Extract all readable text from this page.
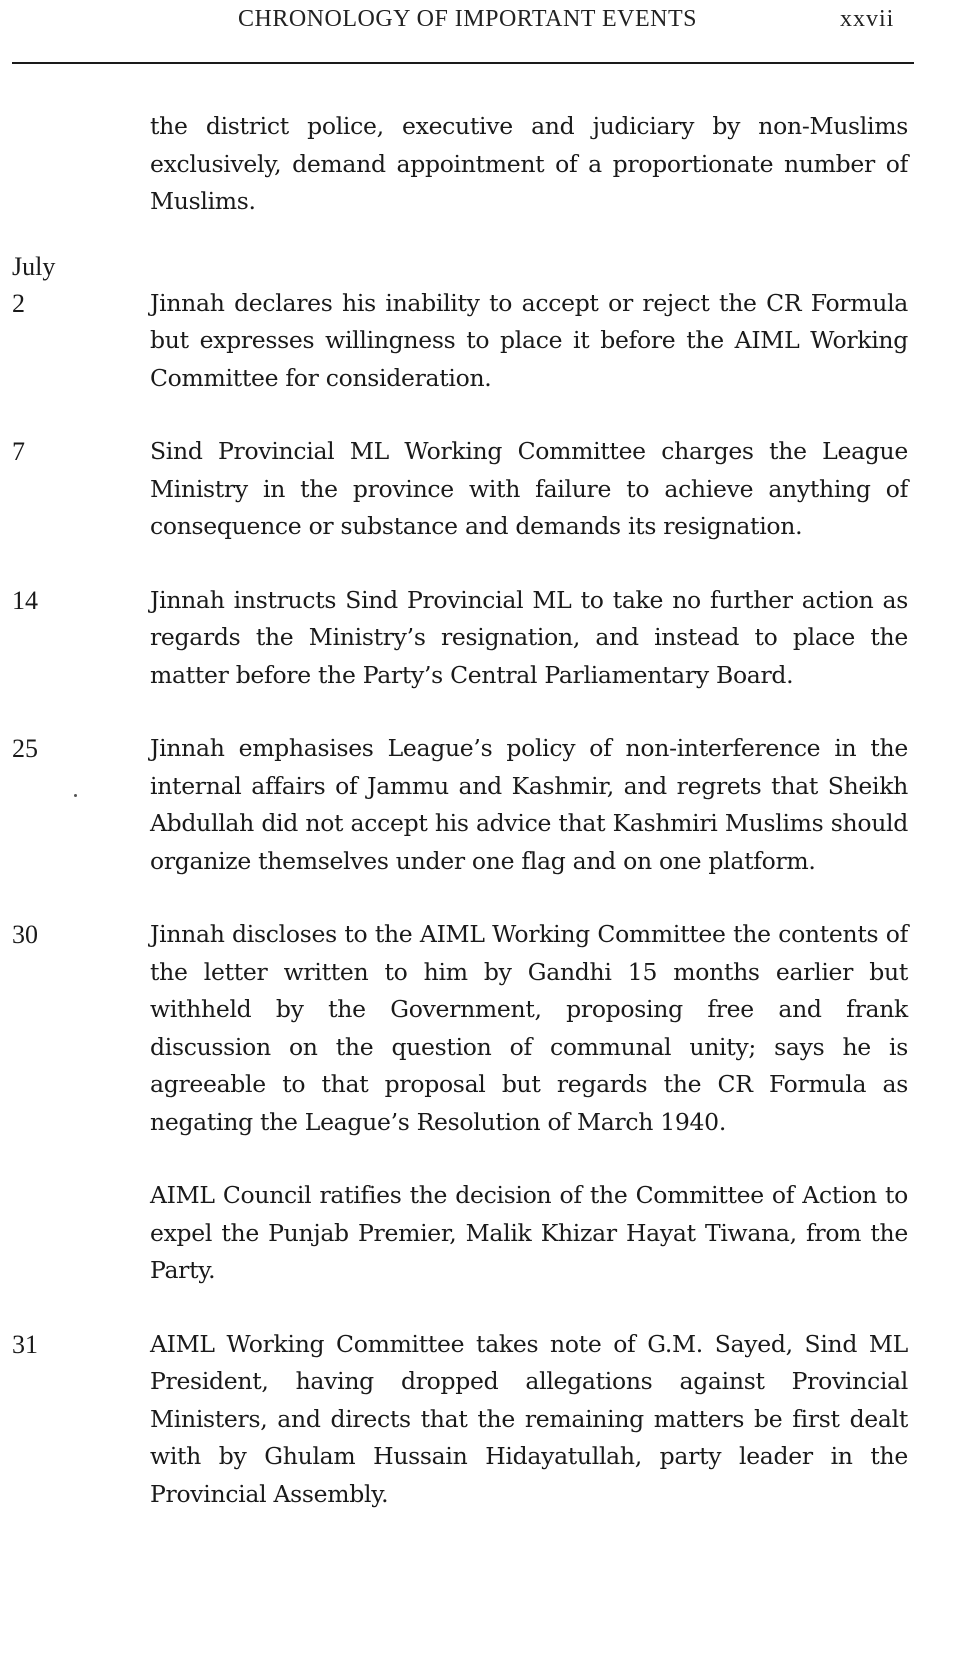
CHRONOLOGY OF IMPORTANT EVENTS	xxvii

the district police, executive and judiciary by non-Muslims exclusively, demand appointment of a proportionate number of Muslims.

July
2	Jinnah declares his inability to accept or reject the CR Formula but expresses willingness to place it before the AIML Working Committee for consideration.

7	Sind Provincial ML Working Committee charges the League Ministry in the province with failure to achieve anything of consequence or substance and demands its resignation.

14	Jinnah instructs Sind Provincial ML to take no further action as regards the Ministry’s resignation, and instead to place the matter before the Party’s Central Parliamentary Board.

25	Jinnah emphasises League’s policy of non-interference in the internal affairs of Jammu and Kashmir, and regrets that Sheikh Abdullah did not accept his advice that Kashmiri Muslims should organize themselves under one flag and on one platform.

30	Jinnah discloses to the AIML Working Committee the contents of the letter written to him by Gandhi 15 months earlier but withheld by the Government, proposing free and frank discussion on the question of communal unity; says he is agreeable to that proposal but regards the CR Formula as negating the League’s Resolution of March 1940.

AIML Council ratifies the decision of the Committee of Action to expel the Punjab Premier, Malik Khizar Hayat Tiwana, from the Party.

31	AIML Working Committee takes note of G.M. Sayed, Sind ML President, having dropped allegations against Provincial Ministers, and directs that the remaining matters be first dealt with by Ghulam Hussain Hidayatullah, party leader in the Provincial Assembly.
